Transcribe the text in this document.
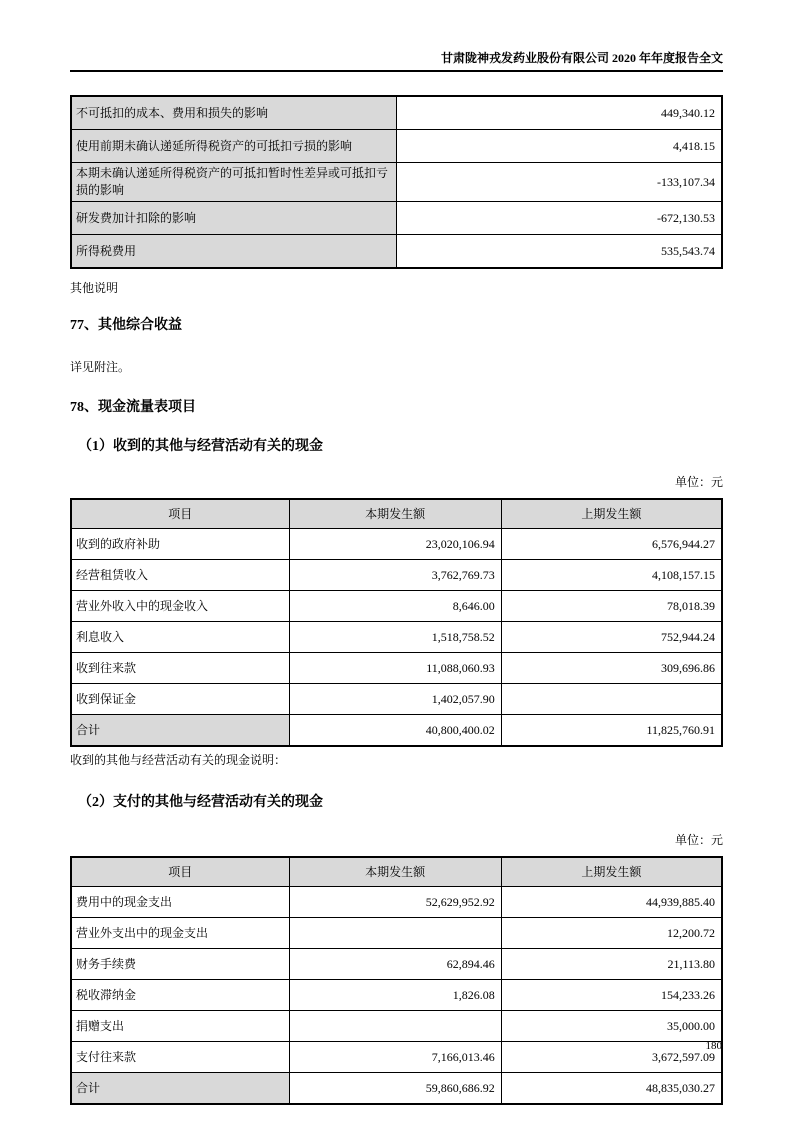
甘肃陇神戎发药业股份有限公司 2020 年年度报告全文
不可抵扣的成本、费用和损失的影响	449,340.12
使用前期未确认递延所得税资产的可抵扣亏损的影响	4,418.15
本期未确认递延所得税资产的可抵扣暂时性差异或可抵扣亏损的影响	-133,107.34
研发费加计扣除的影响	-672,130.53
所得税费用	535,543.74
其他说明
77、其他综合收益
详见附注。
78、现金流量表项目
（1）收到的其他与经营活动有关的现金
单位：元
项目	本期发生额	上期发生额
收到的政府补助	23,020,106.94	6,576,944.27
经营租赁收入	3,762,769.73	4,108,157.15
营业外收入中的现金收入	8,646.00	78,018.39
利息收入	1,518,758.52	752,944.24
收到往来款	11,088,060.93	309,696.86
收到保证金	1,402,057.90	
合计	40,800,400.02	11,825,760.91
收到的其他与经营活动有关的现金说明：
（2）支付的其他与经营活动有关的现金
单位：元
项目	本期发生额	上期发生额
费用中的现金支出	52,629,952.92	44,939,885.40
营业外支出中的现金支出		12,200.72
财务手续费	62,894.46	21,113.80
税收滞纳金	1,826.08	154,233.26
捐赠支出		35,000.00
支付往来款	7,166,013.46	3,672,597.09
合计	59,860,686.92	48,835,030.27
180
